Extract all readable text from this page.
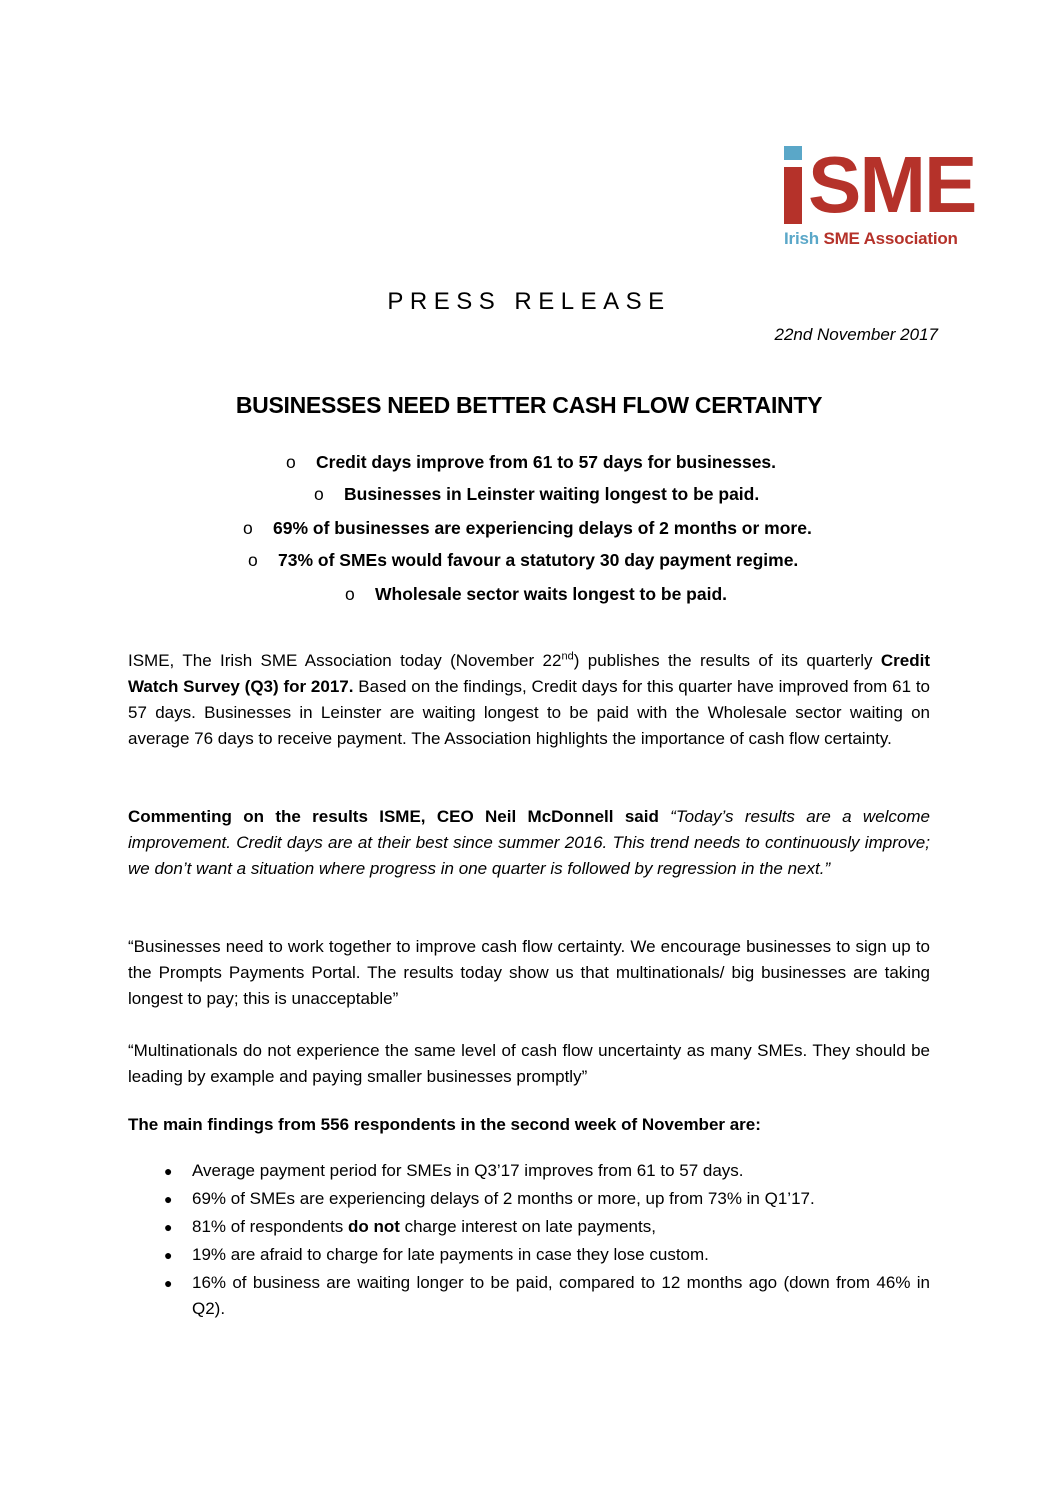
SME
Irish SME Association
PRESS RELEASE
22nd November 2017
BUSINESSES NEED BETTER CASH FLOW CERTAINTY
o Credit days improve from 61 to 57 days for businesses.
o Businesses in Leinster waiting longest to be paid.
o 69% of businesses are experiencing delays of 2 months or more.
o 73% of SMEs would favour a statutory 30 day payment regime.
o Wholesale sector waits longest to be paid.
ISME, The Irish SME Association today (November 22nd) publishes the results of its quarterly Credit Watch Survey (Q3) for 2017. Based on the findings, Credit days for this quarter have improved from 61 to 57 days. Businesses in Leinster are waiting longest to be paid with the Wholesale sector waiting on average 76 days to receive payment. The Association highlights the importance of cash flow certainty.
Commenting on the results ISME, CEO Neil McDonnell said “Today’s results are a welcome improvement. Credit days are at their best since summer 2016. This trend needs to continuously improve; we don’t want a situation where progress in one quarter is followed by regression in the next.”
“Businesses need to work together to improve cash flow certainty. We encourage businesses to sign up to the Prompts Payments Portal. The results today show us that multinationals/ big businesses are taking longest to pay; this is unacceptable”
“Multinationals do not experience the same level of cash flow uncertainty as many SMEs. They should be leading by example and paying smaller businesses promptly”
The main findings from 556 respondents in the second week of November are:
● Average payment period for SMEs in Q3’17 improves from 61 to 57 days.
● 69% of SMEs are experiencing delays of 2 months or more, up from 73% in Q1’17.
● 81% of respondents do not charge interest on late payments,
● 19% are afraid to charge for late payments in case they lose custom.
● 16% of business are waiting longer to be paid, compared to 12 months ago (down from 46% in Q2).
